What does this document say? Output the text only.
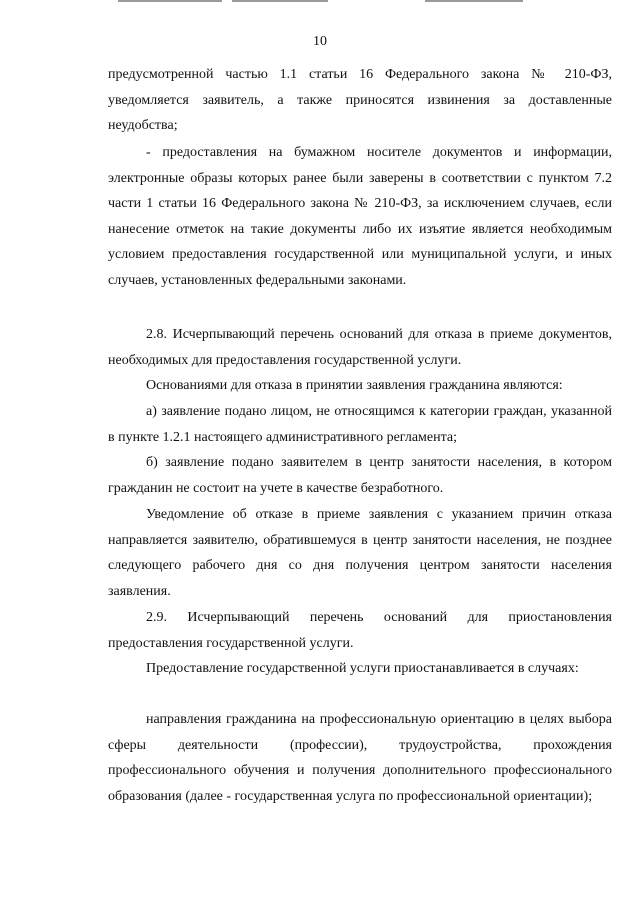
10
предусмотренной частью 1.1 статьи 16 Федерального закона № 210-ФЗ, уведомляется заявитель, а также приносятся извинения за доставленные неудобства;
- предоставления на бумажном носителе документов и информации, электронные образы которых ранее были заверены в соответствии с пунктом 7.2 части 1 статьи 16 Федерального закона № 210-ФЗ, за исключением случаев, если нанесение отметок на такие документы либо их изъятие является необходимым условием предоставления государственной или муниципальной услуги, и иных случаев, установленных федеральными законами.
2.8. Исчерпывающий перечень оснований для отказа в приеме документов, необходимых для предоставления государственной услуги.
Основаниями для отказа в принятии заявления гражданина являются:
а) заявление подано лицом, не относящимся к категории граждан, указанной в пункте 1.2.1 настоящего административного регламента;
б) заявление подано заявителем в центр занятости населения, в котором гражданин не состоит на учете в качестве безработного.
Уведомление об отказе в приеме заявления с указанием причин отказа направляется заявителю, обратившемуся в центр занятости населения, не позднее следующего рабочего дня со дня получения центром занятости населения заявления.
2.9. Исчерпывающий перечень оснований для приостановления предоставления государственной услуги.
Предоставление государственной услуги приостанавливается в случаях:
направления гражданина на профессиональную ориентацию в целях выбора сферы деятельности (профессии), трудоустройства, прохождения профессионального обучения и получения дополнительного профессионального образования (далее - государственная услуга по профессиональной ориентации);
